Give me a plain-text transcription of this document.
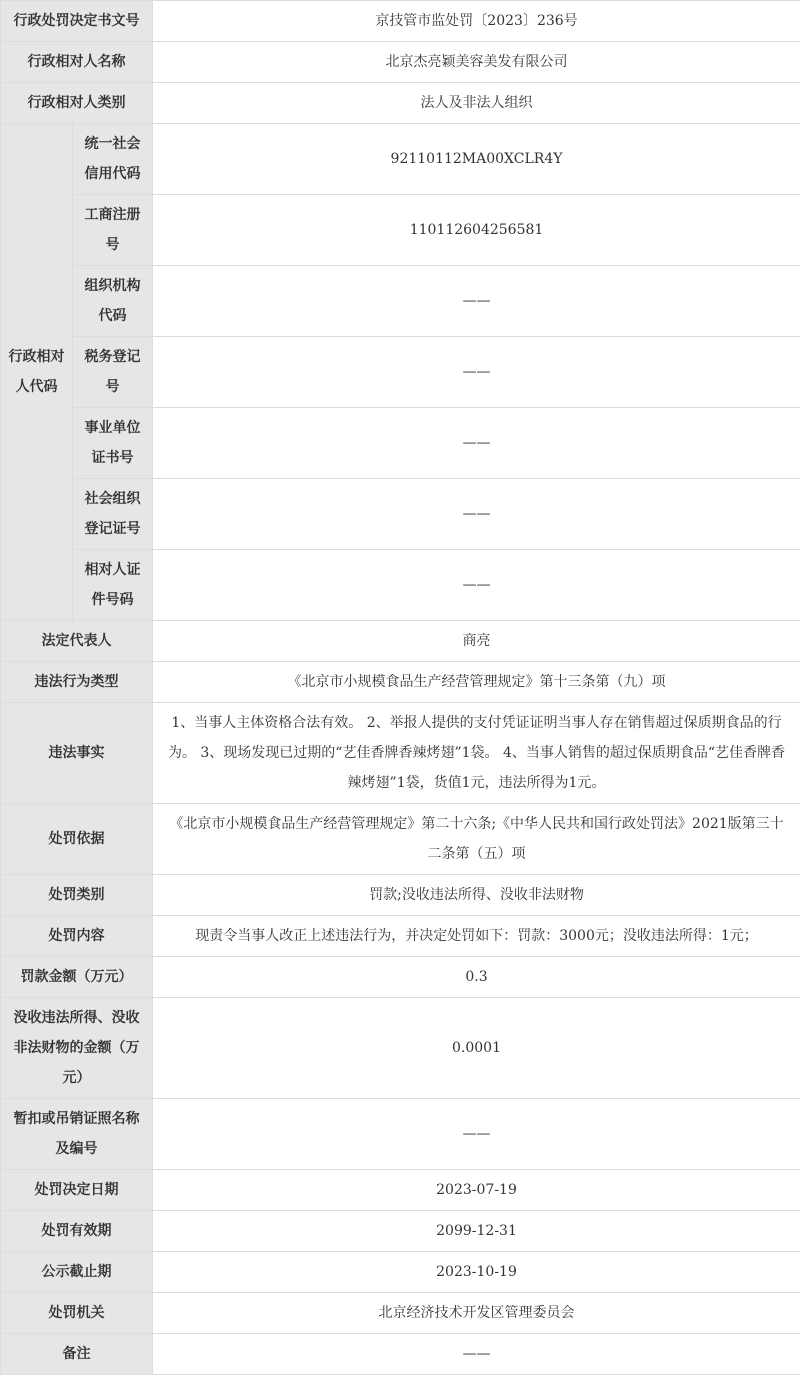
行政处罚决定书文号		京技管市监处罚〔2023〕236号
行政相对人名称		北京杰亮颖美容美发有限公司
行政相对人类别		法人及非法人组织
行政相对人代码	统一社会信用代码	92110112MA00XCLR4Y
	工商注册号	110112604256581
	组织机构代码	——
	税务登记号	——
	事业单位证书号	——
	社会组织登记证号	——
	相对人证件号码	——
法定代表人		商亮
违法行为类型		《北京市小规模食品生产经营管理规定》第十三条第（九）项
违法事实		1、当事人主体资格合法有效。 2、举报人提供的支付凭证证明当事人存在销售超过保质期食品的行为。 3、现场发现已过期的“艺佳香牌香辣烤翅”1袋。 4、当事人销售的超过保质期食品“艺佳香牌香辣烤翅”1袋，货值1元，违法所得为1元。
处罚依据		《北京市小规模食品生产经营管理规定》第二十六条;《中华人民共和国行政处罚法》2021版第三十二条第（五）项
处罚类别		罚款;没收违法所得、没收非法财物
处罚内容		现责令当事人改正上述违法行为，并决定处罚如下：罚款：3000元；没收违法所得：1元；
罚款金额（万元）		0.3
没收违法所得、没收非法财物的金额（万元）		0.0001
暂扣或吊销证照名称及编号		——
处罚决定日期		2023-07-19
处罚有效期		2099-12-31
公示截止期		2023-10-19
处罚机关		北京经济技术开发区管理委员会
备注		——
